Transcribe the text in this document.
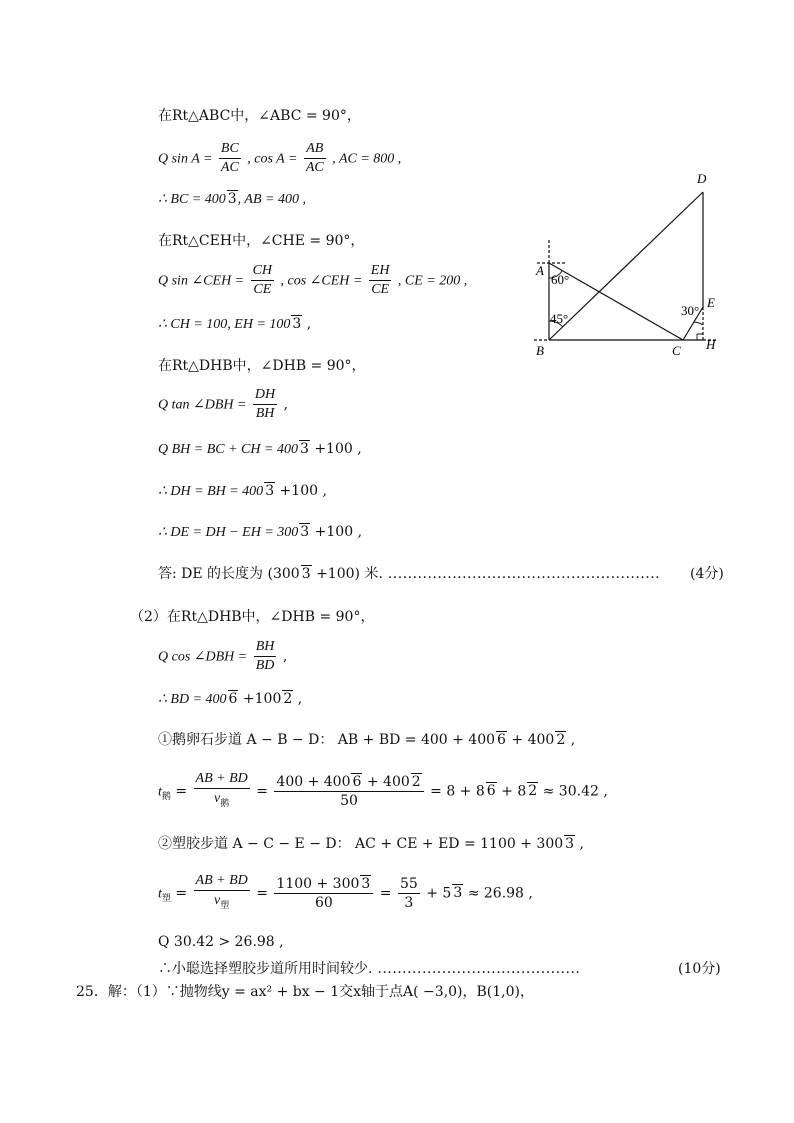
在Rt△ABC中，∠ABC = 90°，
Q $\sin A = \frac{BC}{AC}$ , $\cos A = \frac{AB}{AC}$ , AC = 800 ,
∴ BC = 400 3, AB = 400 ,
在Rt△CEH中，∠CHE = 90°，
Q sin ∠CEH = $\frac{CH}{CE}$ , cos ∠CEH = $\frac{EH}{CE}$ , CE = 200 ,
∴ CH = 100, EH = 100 3 ,
在Rt△DHB中，∠DHB = 90°，
Q tan ∠DBH = $\frac{DH}{BH}$ ,
Q BH = BC + CH = 400 3 +100 ,
∴ DH = BH = 400 3 +100 ,
∴ DE = DH − EH = 300 3 +100 ,
答: DE 的长度为 (300 3 +100) 米. ....................................................... (4分)
（2）在Rt△DHB中，∠DHB = 90°，
Q cos ∠DBH = $\frac{BH}{BD}$ ,
∴ BD = 400 6 +100 2 ,
①鹅卵石步道 A − B − D： AB + BD = 400 + 400 6 + 400 2 ,
$t_鹅 = \frac{AB + BD}{v_鹅} = \frac{400 + 400 6 + 400 2}{50} = 8 + 8$ 6 + 8 2 ≈ 30.42 ,
②塑胶步道 A − C − E − D： AC + CE + ED = 1100 + 300 3 ,
$t_塑 = \frac{AB + BD}{v_塑} = \frac{1100 + 300 3}{60} = \frac{55}{3} + 5$ 3 ≈ 26.98 ,
Q 30.42 > 26.98 ,
∴小聪选择塑胶步道所用时间较少. .........................................	(10分)
25．解：（1）∵抛物线y = ax² + bx − 1交x轴于点A( −3,0)，B(1,0)，
A
B	C
D
E
H
60°
45°
30°
